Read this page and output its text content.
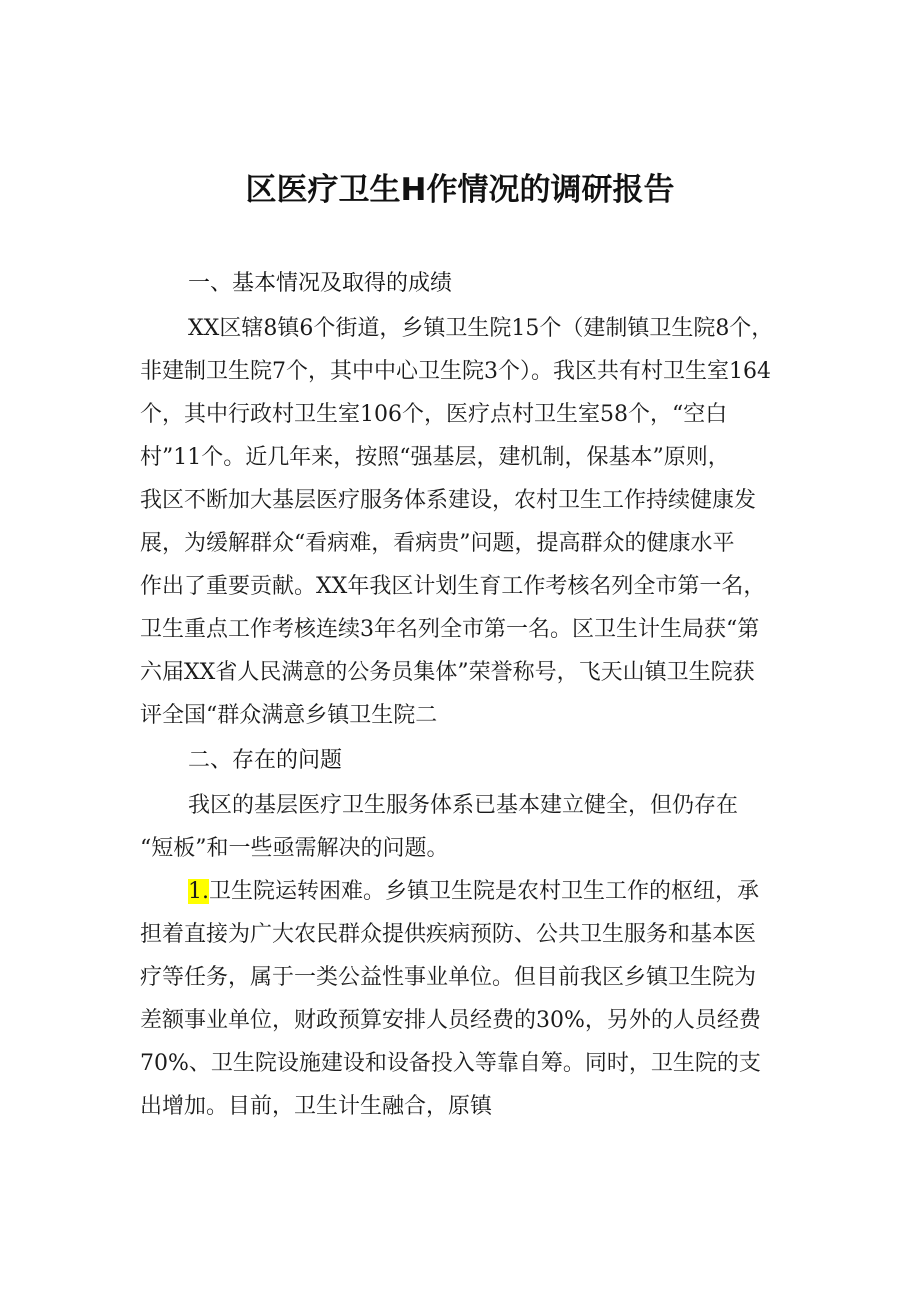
区医疗卫生H作情况的调研报告
一、基本情况及取得的成绩
XX区辖8镇6个街道，乡镇卫生院15个（建制镇卫生院8个，
非建制卫生院7个，其中中心卫生院3个）。我区共有村卫生室164
个，其中行政村卫生室106个，医疗点村卫生室58个，“空白
村”11个。近几年来，按照“强基层，建机制，保基本”原则，
我区不断加大基层医疗服务体系建设，农村卫生工作持续健康发
展，为缓解群众“看病难，看病贵”问题，提高群众的健康水平
作出了重要贡献。XX年我区计划生育工作考核名列全市第一名，
卫生重点工作考核连续3年名列全市第一名。区卫生计生局获“第
六届XX省人民满意的公务员集体”荣誉称号，飞天山镇卫生院获
评全国“群众满意乡镇卫生院二
二、存在的问题
我区的基层医疗卫生服务体系已基本建立健全，但仍存在
“短板”和一些亟需解决的问题。
1.卫生院运转困难。乡镇卫生院是农村卫生工作的枢纽，承
担着直接为广大农民群众提供疾病预防、公共卫生服务和基本医
疗等任务，属于一类公益性事业单位。但目前我区乡镇卫生院为
差额事业单位，财政预算安排人员经费的30%，另外的人员经费
70%、卫生院设施建设和设备投入等靠自筹。同时，卫生院的支
出增加。目前，卫生计生融合，原镇
